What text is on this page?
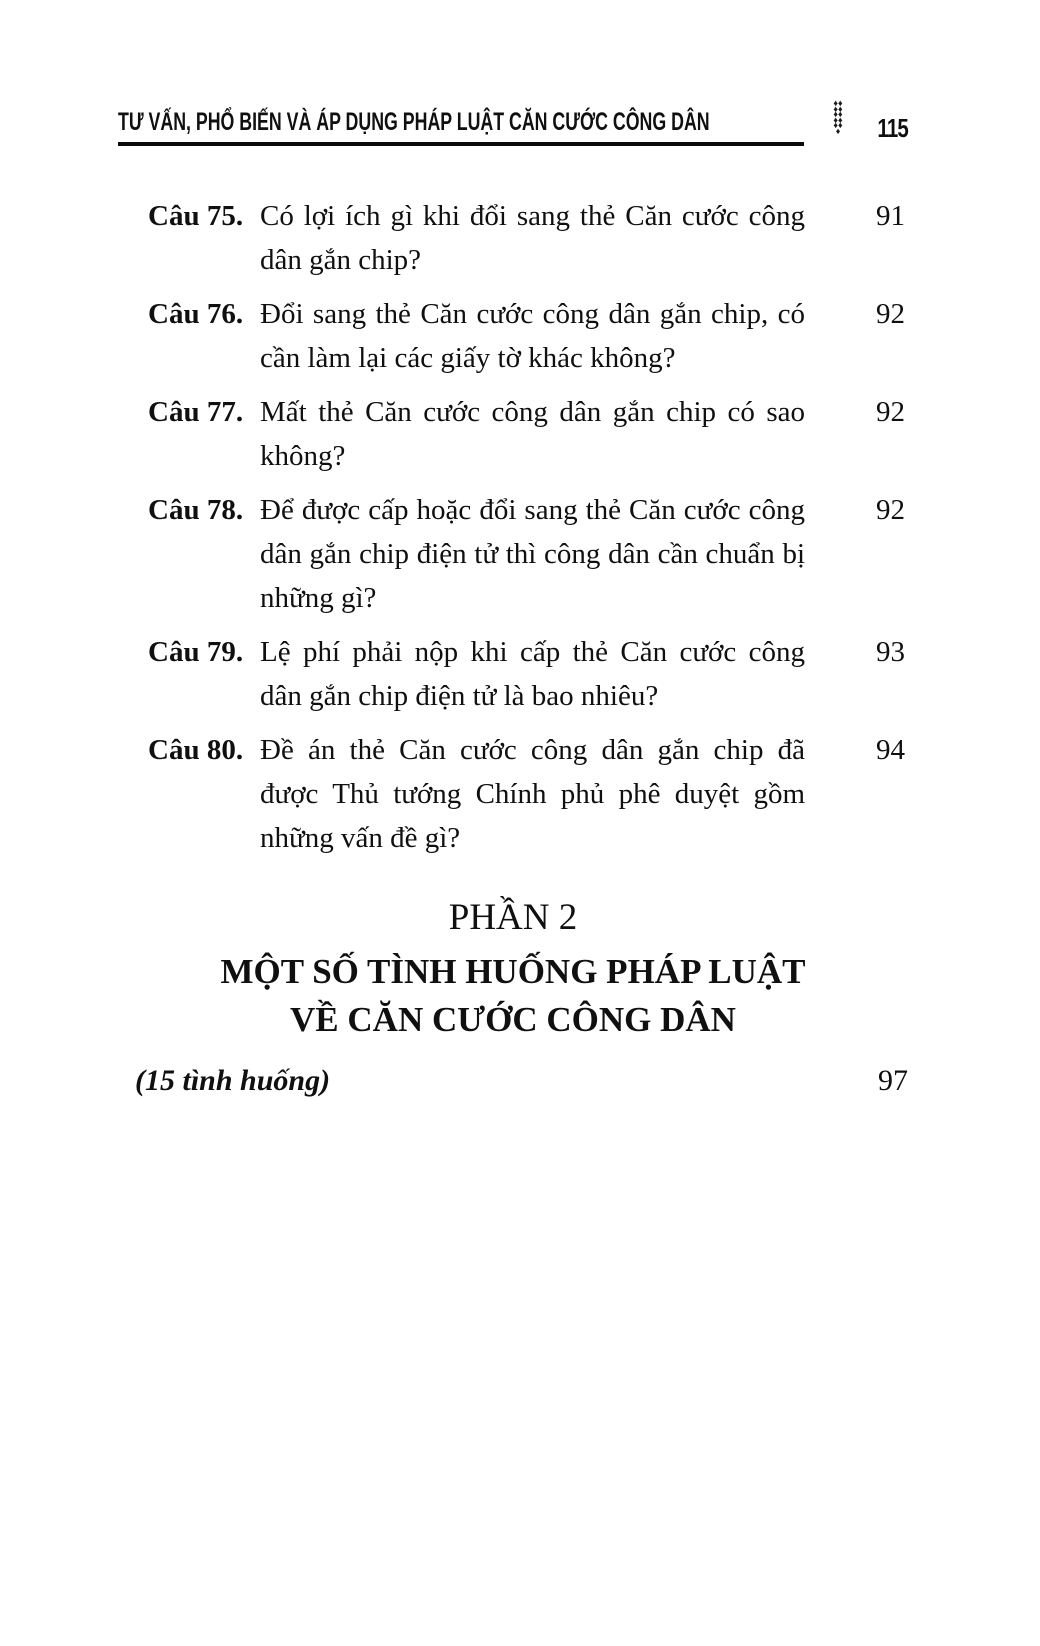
TƯ VẤN, PHỔ BIẾN VÀ ÁP DỤNG PHÁP LUẬT CĂN CƯỚC CÔNG DÂN
♦♦♦♦♦♦♦♦♦♦♦	115
Câu 75. Có lợi ích gì khi đổi sang thẻ Căn cước công dân gắn chip?
91
Câu 76. Đổi sang thẻ Căn cước công dân gắn chip, có cần làm lại các giấy tờ khác không?
92
Câu 77. Mất thẻ Căn cước công dân gắn chip có sao không?
92
Câu 78. Để được cấp hoặc đổi sang thẻ Căn cước công dân gắn chip điện tử thì công dân cần chuẩn bị những gì?
92
Câu 79. Lệ phí phải nộp khi cấp thẻ Căn cước công dân gắn chip điện tử là bao nhiêu?
93
Câu 80. Đề án thẻ Căn cước công dân gắn chip đã được Thủ tướng Chính phủ phê duyệt gồm những vấn đề gì?
94
PHẦN 2
MỘT SỐ TÌNH HUỐNG PHÁP LUẬT
VỀ CĂN CƯỚC CÔNG DÂN
(15 tình huống)	97
